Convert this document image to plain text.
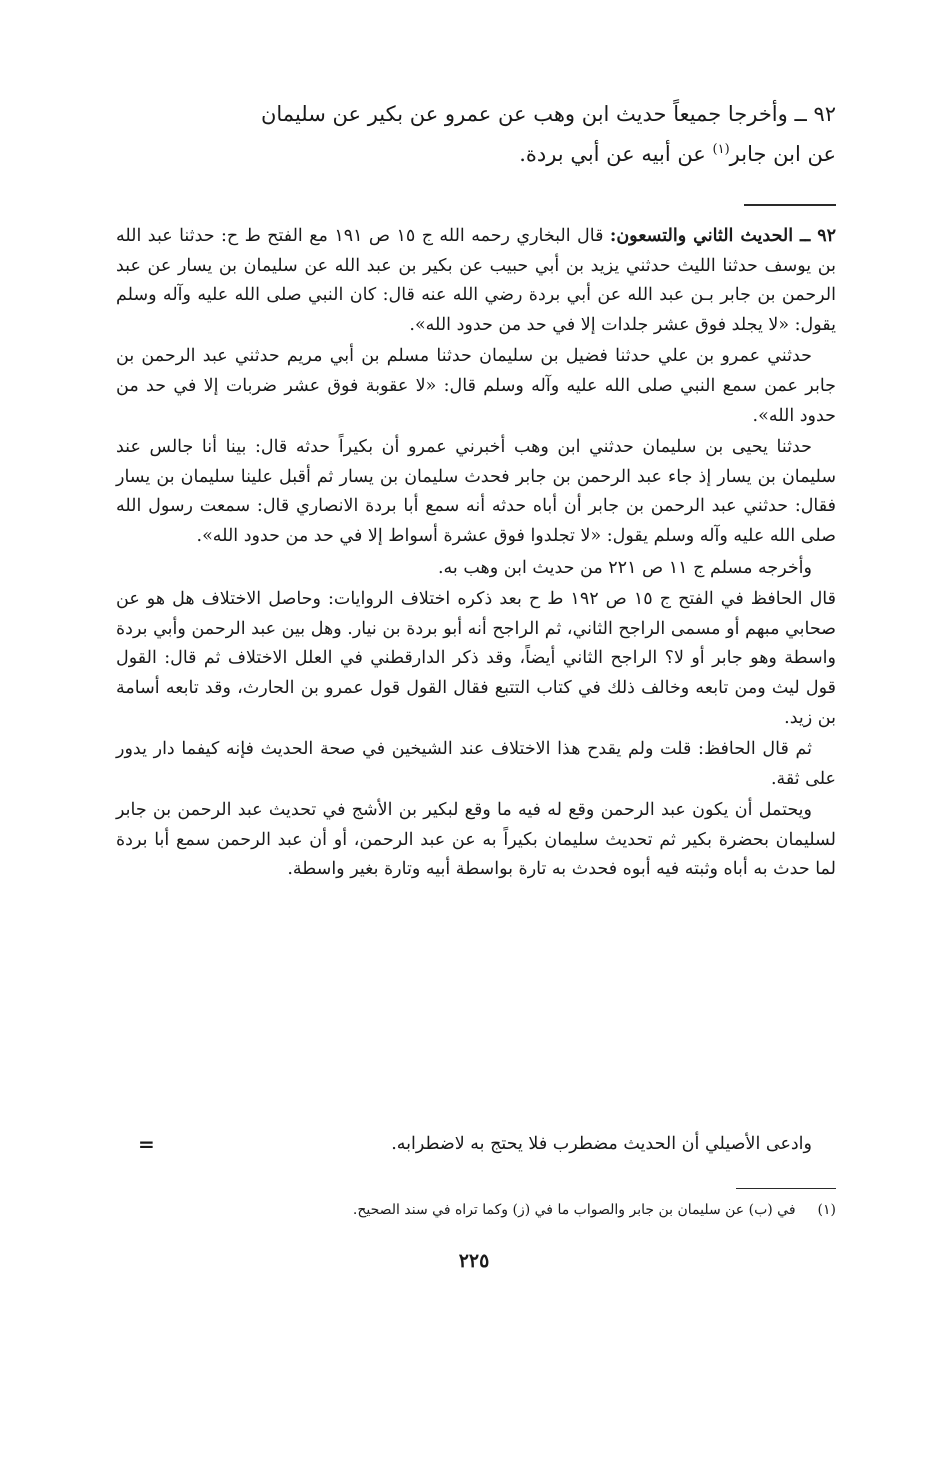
٩٢ ــ وأخرجا جميعاً حديث ابن وهب عن عمرو عن بكير عن سليمان
عن ابن جابر$^{(١)}$ عن أبيه عن أبي بردة.

٩٢ ــ الحديث الثاني والتسعون: قال البخاري رحمه الله ج ١٥ ص ١٩١ مع الفتح ط ح: حدثنا عبد الله بن يوسف حدثنا الليث حدثني يزيد بن أبي حبيب عن بكير بن عبد الله عن سليمان بن يسار عن عبد الرحمن بن جابر بـن عبد الله عن أبي بردة رضي الله عنه قال: كان النبي صلى الله عليه وآله وسلم يقول: «لا يجلد فوق عشر جلدات إلا في حد من حدود الله».

حدثني عمرو بن علي حدثنا فضيل بن سليمان حدثنا مسلم بن أبي مريم حدثني عبد الرحمن بن جابر عمن سمع النبي صلى الله عليه وآله وسلم قال: «لا عقوبة فوق عشر ضربات إلا في حد من حدود الله».

حدثنا يحيى بن سليمان حدثني ابن وهب أخبرني عمرو أن بكيراً حدثه قال: بينا أنا جالس عند سليمان بن يسار إذ جاء عبد الرحمن بن جابر فحدث سليمان بن يسار ثم أقبل علينا سليمان بن يسار فقال: حدثني عبد الرحمن بن جابر أن أباه حدثه أنه سمع أبا بردة الانصاري قال: سمعت رسول الله صلى الله عليه وآله وسلم يقول: «لا تجلدوا فوق عشرة أسواط إلا في حد من حدود الله».

وأخرجه مسلم ج ١١ ص ٢٢١ من حديث ابن وهب به.

قال الحافظ في الفتح ج ١٥ ص ١٩٢ ط ح بعد ذكره اختلاف الروايات: وحاصل الاختلاف هل هو عن صحابي مبهم أو مسمى الراجح الثاني، ثم الراجح أنه أبو بردة بن نيار. وهل بين عبد الرحمن وأبي بردة واسطة وهو جابر أو لا؟ الراجح الثاني أيضاً، وقد ذكر الدارقطني في العلل الاختلاف ثم قال: القول قول ليث ومن تابعه وخالف ذلك في كتاب التتبع فقال القول قول عمرو بن الحارث، وقد تابعه أسامة بن زيد.

ثم قال الحافظ: قلت ولم يقدح هذا الاختلاف عند الشيخين في صحة الحديث فإنه كيفما دار يدور على ثقة.

ويحتمل أن يكون عبد الرحمن وقع له فيه ما وقع لبكير بن الأشج في تحديث عبد الرحمن بن جابر لسليمان بحضرة بكير ثم تحديث سليمان بكيراً به عن عبد الرحمن، أو أن عبد الرحمن سمع أبا بردة لما حدث به أباه وثبته فيه أبوه فحدث به تارة بواسطة أبيه وتارة بغير واسطة.

وادعى الأصيلي أن الحديث مضطرب فلا يحتج به لاضطرابه.
=
(١)في (ب) عن سليمان بن جابر والصواب ما في (ز) وكما تراه في سند الصحيح.
٢٢٥
